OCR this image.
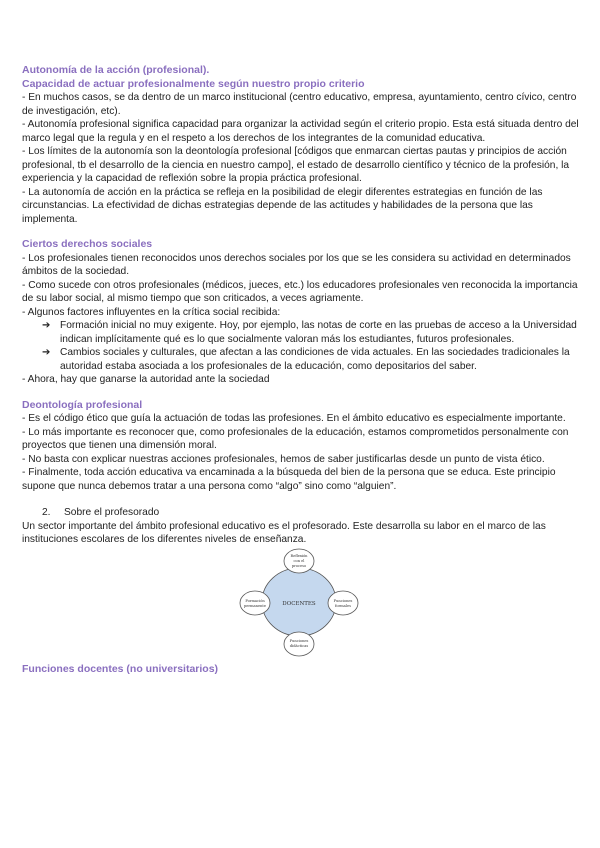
Autonomía de la acción (profesional).
Capacidad de actuar profesionalmente según nuestro propio criterio

- En muchos casos, se da dentro de un marco institucional (centro educativo, empresa, ayuntamiento, centro cívico, centro de investigación, etc).

- Autonomía profesional significa capacidad para organizar la actividad según el criterio propio. Esta está situada dentro del marco legal que la regula y en el respeto a los derechos de los integrantes de la comunidad educativa.

- Los límites de la autonomía son la deontología profesional [códigos que enmarcan ciertas pautas y principios de acción profesional, tb el desarrollo de la ciencia en nuestro campo], el estado de desarrollo científico y técnico de la profesión, la experiencia y la capacidad de reflexión sobre la propia práctica profesional.

- La autonomía de acción en la práctica se refleja en la posibilidad de elegir diferentes estrategias en función de las circunstancias. La efectividad de dichas estrategias depende de las actitudes y habilidades de la persona que las implementa.

Ciertos derechos sociales

- Los profesionales tienen reconocidos unos derechos sociales por los que se les considera su actividad en determinados ámbitos de la sociedad.

- Como sucede con otros profesionales (médicos, jueces, etc.) los educadores profesionales ven reconocida la importancia de su labor social, al mismo tiempo que son criticados, a veces agriamente.

- Algunos factores influyentes en la crítica social recibida:

➔ Formación inicial no muy exigente. Hoy, por ejemplo, las notas de corte en las pruebas de acceso a la Universidad indican implícitamente qué es lo que socialmente valoran más los estudiantes, futuros profesionales.
➔ Cambios sociales y culturales, que afectan a las condiciones de vida actuales. En las sociedades tradicionales la autoridad estaba asociada a los profesionales de la educación, como depositarios del saber.

- Ahora, hay que ganarse la autoridad ante la sociedad

Deontología profesional

- Es el código ético que guía la actuación de todas las profesiones. En el ámbito educativo es especialmente importante.

- Lo más importante es reconocer que, como profesionales de la educación, estamos comprometidos personalmente con proyectos que tienen una dimensión moral.

- No basta con explicar nuestras acciones profesionales, hemos de saber justificarlas desde un punto de vista ético.

- Finalmente, toda acción educativa va encaminada a la búsqueda del bien de la persona que se educa. Este principio supone que nunca debemos tratar a una persona como “algo” sino como “alguien”.

2. Sobre el profesorado

Un sector importante del ámbito profesional educativo es el profesorado. Este desarrolla su labor en el marco de las instituciones escolares de los diferentes niveles de enseñanza.

DOCENTES
Reflexión
con el
proceso
Formación
permanente
Funciones
formales
Funciones
didácticas
Funciones docentes (no universitarios)
